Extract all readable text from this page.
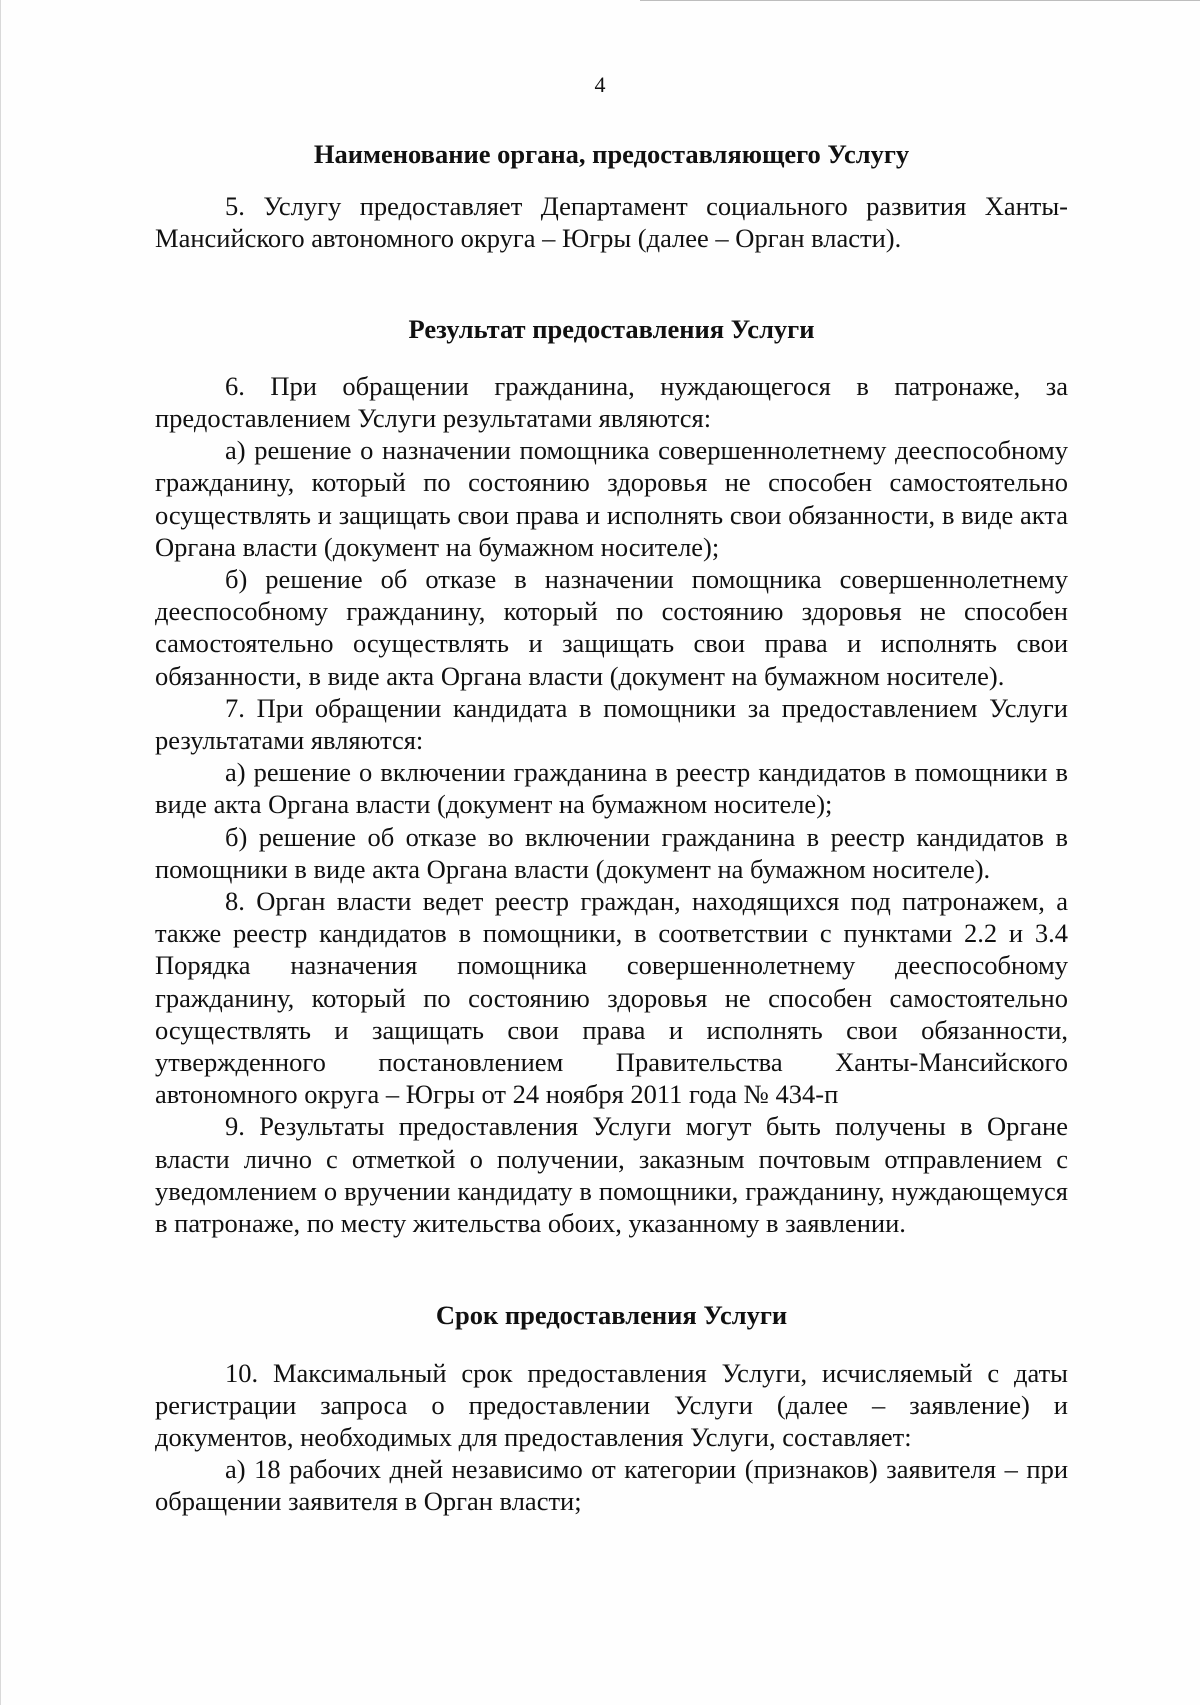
4
Наименование органа, предоставляющего Услугу

5. Услугу предоставляет Департамент социального развития Ханты-Мансийского автономного округа – Югры (далее – Орган власти).

Результат предоставления Услуги

6. При обращении гражданина, нуждающегося в патронаже, за предоставлением Услуги результатами являются:

а) решение о назначении помощника совершеннолетнему дееспособному гражданину, который по состоянию здоровья не способен самостоятельно осуществлять и защищать свои права и исполнять свои обязанности, в виде акта Органа власти (документ на бумажном носителе);

б) решение об отказе в назначении помощника совершеннолетнему дееспособному гражданину, который по состоянию здоровья не способен самостоятельно осуществлять и защищать свои права и исполнять свои обязанности, в виде акта Органа власти (документ на бумажном носителе).

7. При обращении кандидата в помощники за предоставлением Услуги результатами являются:

а) решение о включении гражданина в реестр кандидатов в помощники в виде акта Органа власти (документ на бумажном носителе);

б) решение об отказе во включении гражданина в реестр кандидатов в помощники в виде акта Органа власти (документ на бумажном носителе).

8. Орган власти ведет реестр граждан, находящихся под патронажем, а также реестр кандидатов в помощники, в соответствии с пунктами 2.2 и 3.4 Порядка назначения помощника совершеннолетнему дееспособному гражданину, который по состоянию здоровья не способен самостоятельно осуществлять и защищать свои права и исполнять свои обязанности, утвержденного постановлением Правительства Ханты-Мансийского автономного округа – Югры от 24 ноября 2011 года № 434-п

9. Результаты предоставления Услуги могут быть получены в Органе власти лично с отметкой о получении, заказным почтовым отправлением с уведомлением о вручении кандидату в помощники, гражданину, нуждающемуся в патронаже, по месту жительства обоих, указанному в заявлении.

Срок предоставления Услуги

10. Максимальный срок предоставления Услуги, исчисляемый с даты регистрации запроса о предоставлении Услуги (далее – заявление) и документов, необходимых для предоставления Услуги, составляет:

а) 18 рабочих дней независимо от категории (признаков) заявителя – при обращении заявителя в Орган власти;
